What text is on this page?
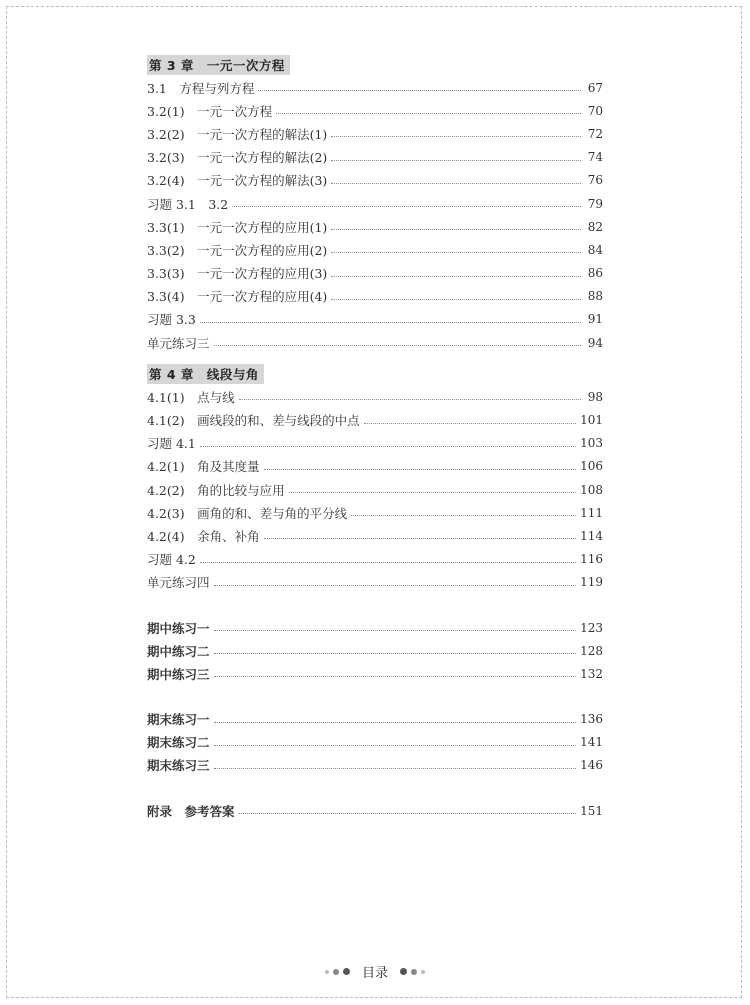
第 3 章　一元一次方程
3.1　方程与列方程	67
3.2(1)　一元一次方程	70
3.2(2)　一元一次方程的解法(1)	72
3.2(3)　一元一次方程的解法(2)	74
3.2(4)　一元一次方程的解法(3)	76
习题 3.1　3.2	79
3.3(1)　一元一次方程的应用(1)	82
3.3(2)　一元一次方程的应用(2)	84
3.3(3)　一元一次方程的应用(3)	86
3.3(4)　一元一次方程的应用(4)	88
习题 3.3	91
单元练习三	94
第 4 章　线段与角
4.1(1)　点与线	98
4.1(2)　画线段的和、差与线段的中点	101
习题 4.1	103
4.2(1)　角及其度量	106
4.2(2)　角的比较与应用	108
4.2(3)　画角的和、差与角的平分线	111
4.2(4)　余角、补角	114
习题 4.2	116
单元练习四	119
期中练习一	123
期中练习二	128
期中练习三	132
期末练习一	136
期末练习二	141
期末练习三	146
附录　参考答案	151
目录
